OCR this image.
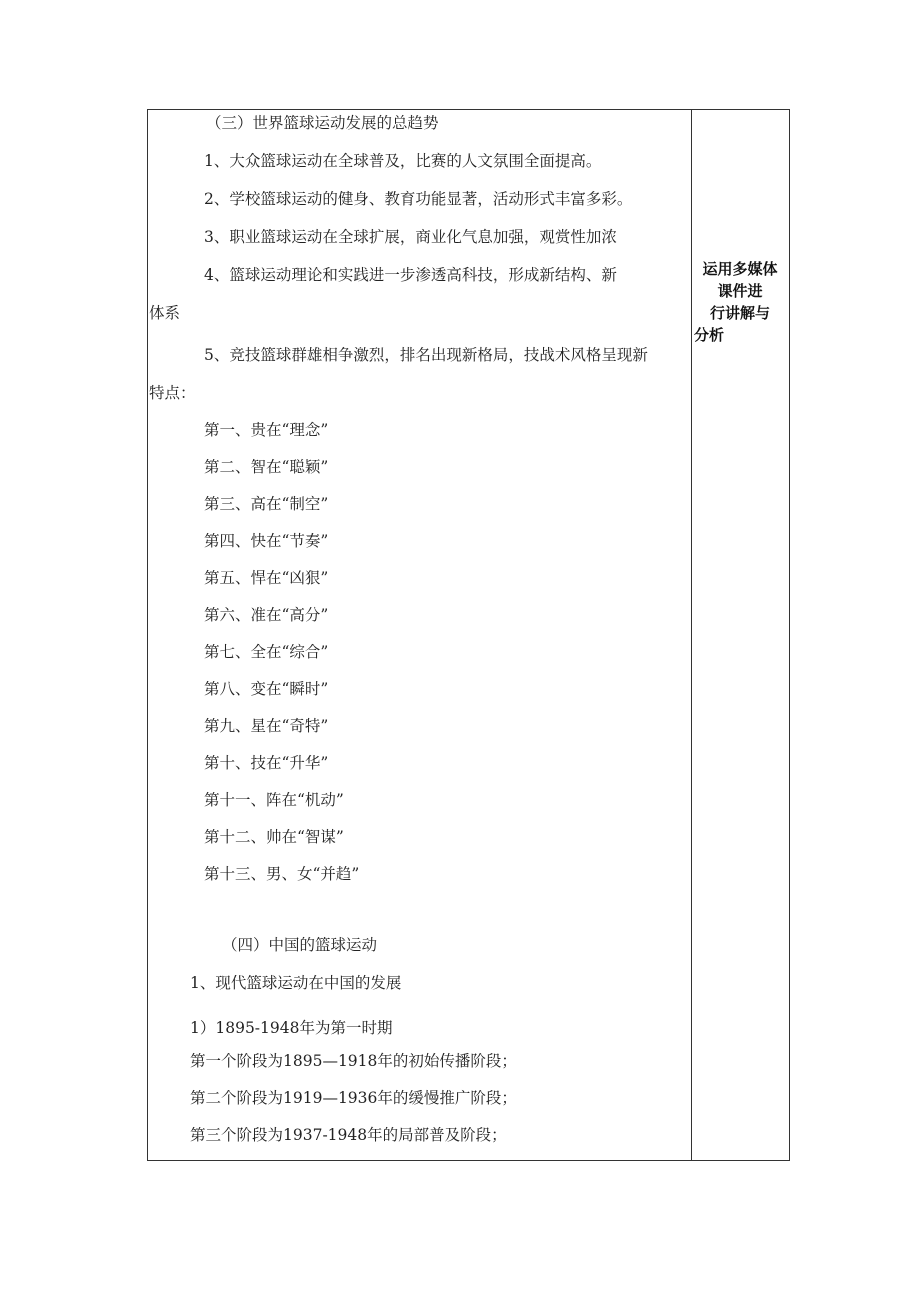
（三）世界篮球运动发展的总趋势
1、大众篮球运动在全球普及，比赛的人文氛围全面提高。
2、学校篮球运动的健身、教育功能显著，活动形式丰富多彩。
3、职业篮球运动在全球扩展，商业化气息加强，观赏性加浓
4、篮球运动理论和实践进一步渗透高科技，形成新结构、新
体系
5、竞技篮球群雄相争激烈，排名出现新格局，技战术风格呈现新
特点：
第一、贵在“理念”
第二、智在“聪颖”
第三、高在“制空”
第四、快在“节奏”
第五、悍在“凶狠”
第六、准在“高分”
第七、全在“综合”
第八、变在“瞬时”
第九、星在“奇特”
第十、技在“升华”
第十一、阵在“机动”
第十二、帅在“智谋”
第十三、男、女“并趋”
（四）中国的篮球运动
1、现代篮球运动在中国的发展
1）1895-1948年为第一时期
第一个阶段为1895—1918年的初始传播阶段；
第二个阶段为1919—1936年的缓慢推广阶段；
第三个阶段为1937-1948年的局部普及阶段；
运用多媒体
课件进
行讲解与
分析
